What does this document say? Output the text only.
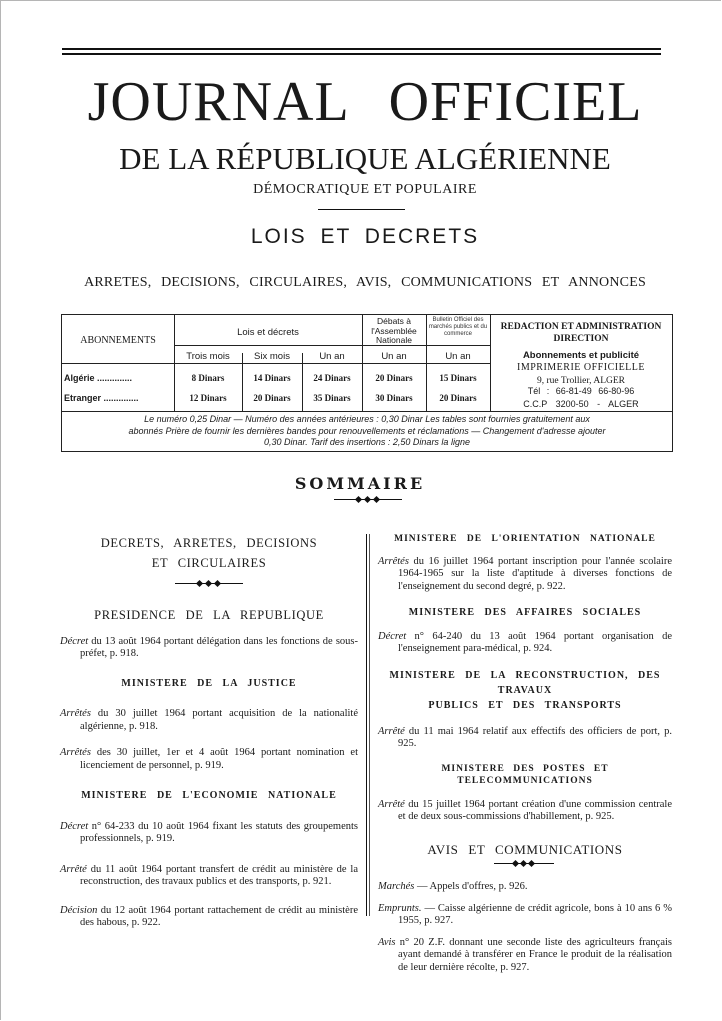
JOURNAL OFFICIEL
DE LA RÉPUBLIQUE ALGÉRIENNE
DÉMOCRATIQUE ET POPULAIRE
LOIS ET DECRETS
ARRETES, DECISIONS, CIRCULAIRES, AVIS, COMMUNICATIONS ET ANNONCES
ABONNEMENTS
Lois et décrets
Débats à l'Assemblée Nationale
Bulletin Officiel des marchés publics et du commerce
Trois mois	Six mois	Un an	Un an	Un an
Algérie ..............	8 Dinars	14 Dinars	24 Dinars	20 Dinars	15 Dinars
Etranger ..............	12 Dinars	20 Dinars	35 Dinars	30 Dinars	20 Dinars
REDACTION ET ADMINISTRATION
DIRECTION
Abonnements et publicité
IMPRIMERIE OFFICIELLE
9, rue Trollier, ALGER
Tél : 66-81-49 66-80-96
C.C.P 3200-50 - ALGER
Le numéro 0,25 Dinar — Numéro des années antérieures : 0,30 Dinar Les tables sont fournies gratuitement aux
abonnés Prière de fournir les dernières bandes pour renouvellements et réclamations — Changement d'adresse ajouter
0,30 Dinar. Tarif des insertions : 2,50 Dinars la ligne
SOMMAIRE

DECRETS, ARRETES, DECISIONS

ET CIRCULAIRES

PRESIDENCE DE LA REPUBLIQUE

Décret du 13 août 1964 portant délégation dans les fonctions de sous-préfet, p. 918.

MINISTERE DE LA JUSTICE

Arrêtés du 30 juillet 1964 portant acquisition de la nationalité algérienne, p. 918.

Arrêtés des 30 juillet, 1er et 4 août 1964 portant nomination et licenciement de personnel, p. 919.

MINISTERE DE L'ECONOMIE NATIONALE

Décret n° 64-233 du 10 août 1964 fixant les statuts des groupements professionnels, p. 919.

Arrêté du 11 août 1964 portant transfert de crédit au ministère de la reconstruction, des travaux publics et des transports, p. 921.

Décision du 12 août 1964 portant rattachement de crédit au ministère des habous, p. 922.

MINISTERE DE L'ORIENTATION NATIONALE

Arrêtés du 16 juillet 1964 portant inscription pour l'année scolaire 1964-1965 sur la liste d'aptitude à diverses fonctions de l'enseignement du second degré, p. 922.

MINISTERE DES AFFAIRES SOCIALES

Décret n° 64-240 du 13 août 1964 portant organisation de l'enseignement para-médical, p. 924.

MINISTERE DE LA RECONSTRUCTION, DES TRAVAUX

PUBLICS ET DES TRANSPORTS

Arrêté du 11 mai 1964 relatif aux effectifs des officiers de port, p. 925.

MINISTERE DES POSTES ET TELECOMMUNICATIONS

Arrêté du 15 juillet 1964 portant création d'une commission centrale et de deux sous-commissions d'habillement, p. 925.

AVIS ET COMMUNICATIONS

Marchés — Appels d'offres, p. 926.

Emprunts. — Caisse algérienne de crédit agricole, bons à 10 ans 6 % 1955, p. 927.

Avis n° 20 Z.F. donnant une seconde liste des agriculteurs français ayant demandé à transférer en France le produit de la réalisation de leur dernière récolte, p. 927.
